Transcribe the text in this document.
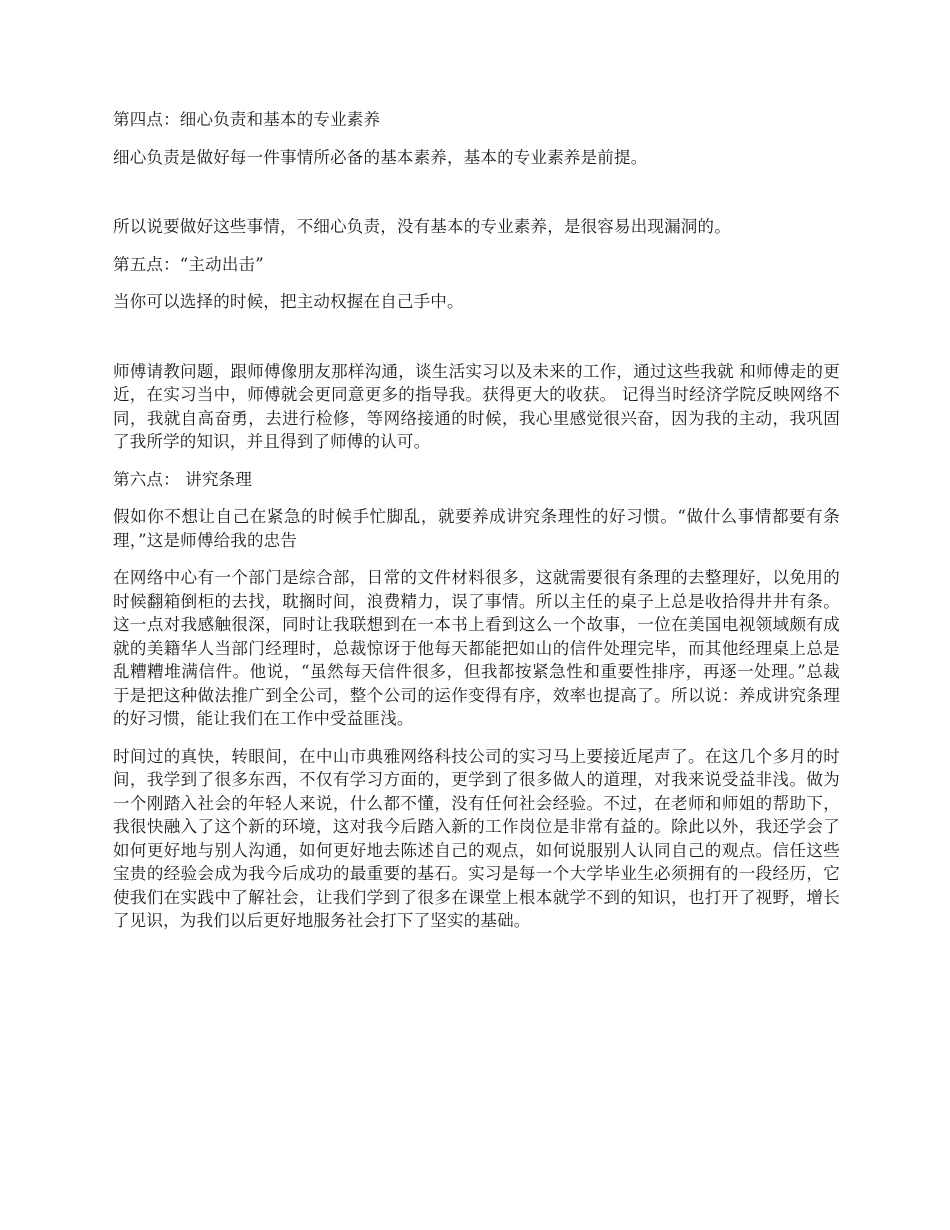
第四点：细心负责和基本的专业素养

细心负责是做好每一件事情所必备的基本素养，基本的专业素养是前提。

所以说要做好这些事情，不细心负责，没有基本的专业素养，是很容易出现漏洞的。

第五点：“主动出击”

当你可以选择的时候，把主动权握在自己手中。

师傅请教问题，跟师傅像朋友那样沟通，谈生活实习以及未来的工作，通过这些我就 和师傅走的更近，在实习当中，师傅就会更同意更多的指导我。获得更大的收获。 记得当时经济学院反映网络不同，我就自高奋勇，去进行检修，等网络接通的时候，我心里感觉很兴奋，因为我的主动，我巩固了我所学的知识，并且得到了师傅的认可。

第六点： 讲究条理

假如你不想让自己在紧急的时候手忙脚乱，就要养成讲究条理性的好习惯。“做什么事情都要有条理，”这是师傅给我的忠告

在网络中心有一个部门是综合部，日常的文件材料很多，这就需要很有条理的去整理好，以免用的时候翻箱倒柜的去找，耽搁时间，浪费精力，误了事情。所以主任的桌子上总是收拾得井井有条。这一点对我感触很深，同时让我联想到在一本书上看到这么一个故事，一位在美国电视领域颇有成就的美籍华人当部门经理时，总裁惊讶于他每天都能把如山的信件处理完毕，而其他经理桌上总是乱糟糟堆满信件。他说，“虽然每天信件很多，但我都按紧急性和重要性排序，再逐一处理。”总裁于是把这种做法推广到全公司，整个公司的运作变得有序，效率也提高了。所以说：养成讲究条理的好习惯，能让我们在工作中受益匪浅。

时间过的真快，转眼间，在中山市典雅网络科技公司的实习马上要接近尾声了。在这几个多月的时间，我学到了很多东西，不仅有学习方面的，更学到了很多做人的道理，对我来说受益非浅。做为一个刚踏入社会的年轻人来说，什么都不懂，没有任何社会经验。不过，在老师和师姐的帮助下，我很快融入了这个新的环境，这对我今后踏入新的工作岗位是非常有益的。除此以外，我还学会了如何更好地与别人沟通，如何更好地去陈述自己的观点，如何说服别人认同自己的观点。信任这些宝贵的经验会成为我今后成功的最重要的基石。实习是每一个大学毕业生必须拥有的一段经历，它使我们在实践中了解社会，让我们学到了很多在课堂上根本就学不到的知识，也打开了视野，增长了见识，为我们以后更好地服务社会打下了坚实的基础。
